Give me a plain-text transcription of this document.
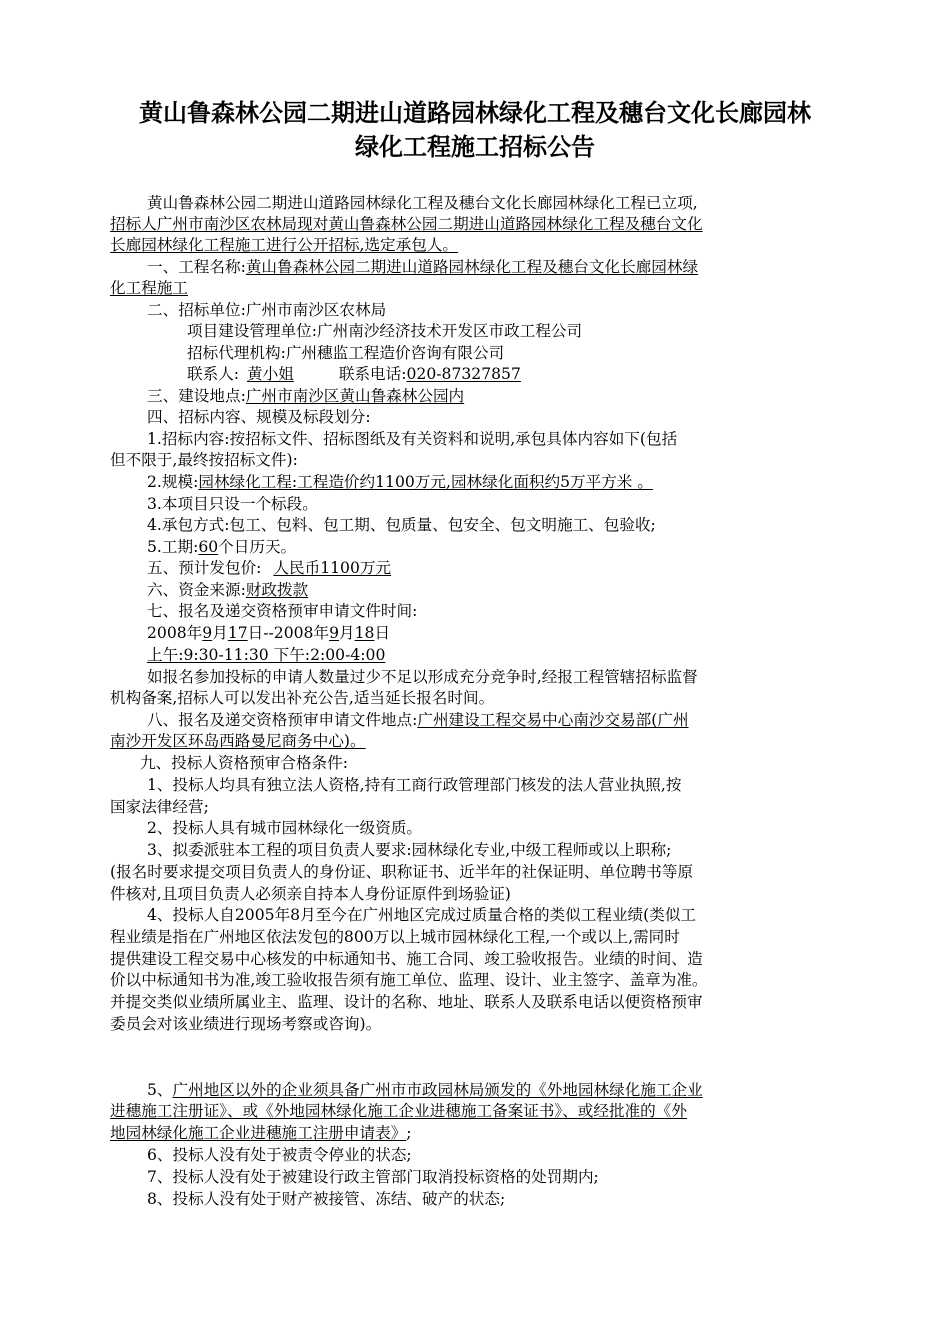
黄山鲁森林公园二期进山道路园林绿化工程及穗台文化长廊园林
绿化工程施工招标公告
黄山鲁森林公园二期进山道路园林绿化工程及穗台文化长廊园林绿化工程已立项,
招标人广州市南沙区农林局现对黄山鲁森林公园二期进山道路园林绿化工程及穗台文化
长廊园林绿化工程施工进行公开招标,选定承包人。
一、工程名称:黄山鲁森林公园二期进山道路园林绿化工程及穗台文化长廊园林绿
化工程施工
二、招标单位:广州市南沙区农林局
项目建设管理单位:广州南沙经济技术开发区市政工程公司
招标代理机构:广州穗监工程造价咨询有限公司
联系人: 黄小姐	联系电话:020-87327857
三、建设地点:广州市南沙区黄山鲁森林公园内
四、招标内容、规模及标段划分:
1.招标内容:按招标文件、招标图纸及有关资料和说明,承包具体内容如下(包括
但不限于,最终按招标文件):
2.规模:园林绿化工程:工程造价约1100万元,园林绿化面积约5万平方米 。
3.本项目只设一个标段。
4.承包方式:包工、包料、包工期、包质量、包安全、包文明施工、包验收;
5.工期:60个日历天。
五、预计发包价: 人民币1100万元
六、资金来源:财政拨款
七、报名及递交资格预审申请文件时间:
2008年9月17日--2008年9月18日
上午:9:30-11:30 下午:2:00-4:00
如报名参加投标的申请人数量过少不足以形成充分竞争时,经报工程管辖招标监督
机构备案,招标人可以发出补充公告,适当延长报名时间。
八、报名及递交资格预审申请文件地点:广州建设工程交易中心南沙交易部(广州
南沙开发区环岛西路曼尼商务中心)。
九、投标人资格预审合格条件:
1、投标人均具有独立法人资格,持有工商行政管理部门核发的法人营业执照,按
国家法律经营;
2、投标人具有城市园林绿化一级资质。
3、拟委派驻本工程的项目负责人要求:园林绿化专业,中级工程师或以上职称;
(报名时要求提交项目负责人的身份证、职称证书、近半年的社保证明、单位聘书等原
件核对,且项目负责人必须亲自持本人身份证原件到场验证)
4、投标人自2005年8月至今在广州地区完成过质量合格的类似工程业绩(类似工
程业绩是指在广州地区依法发包的800万以上城市园林绿化工程,一个或以上,需同时
提供建设工程交易中心核发的中标通知书、施工合同、竣工验收报告。业绩的时间、造
价以中标通知书为准,竣工验收报告须有施工单位、监理、设计、业主签字、盖章为准。
并提交类似业绩所属业主、监理、设计的名称、地址、联系人及联系电话以便资格预审
委员会对该业绩进行现场考察或咨询)。
5、广州地区以外的企业须具备广州市市政园林局颁发的《外地园林绿化施工企业
进穗施工注册证》、或《外地园林绿化施工企业进穗施工备案证书》、或经批准的《外
地园林绿化施工企业进穗施工注册申请表》;
6、投标人没有处于被责令停业的状态;
7、投标人没有处于被建设行政主管部门取消投标资格的处罚期内;
8、投标人没有处于财产被接管、冻结、破产的状态;
